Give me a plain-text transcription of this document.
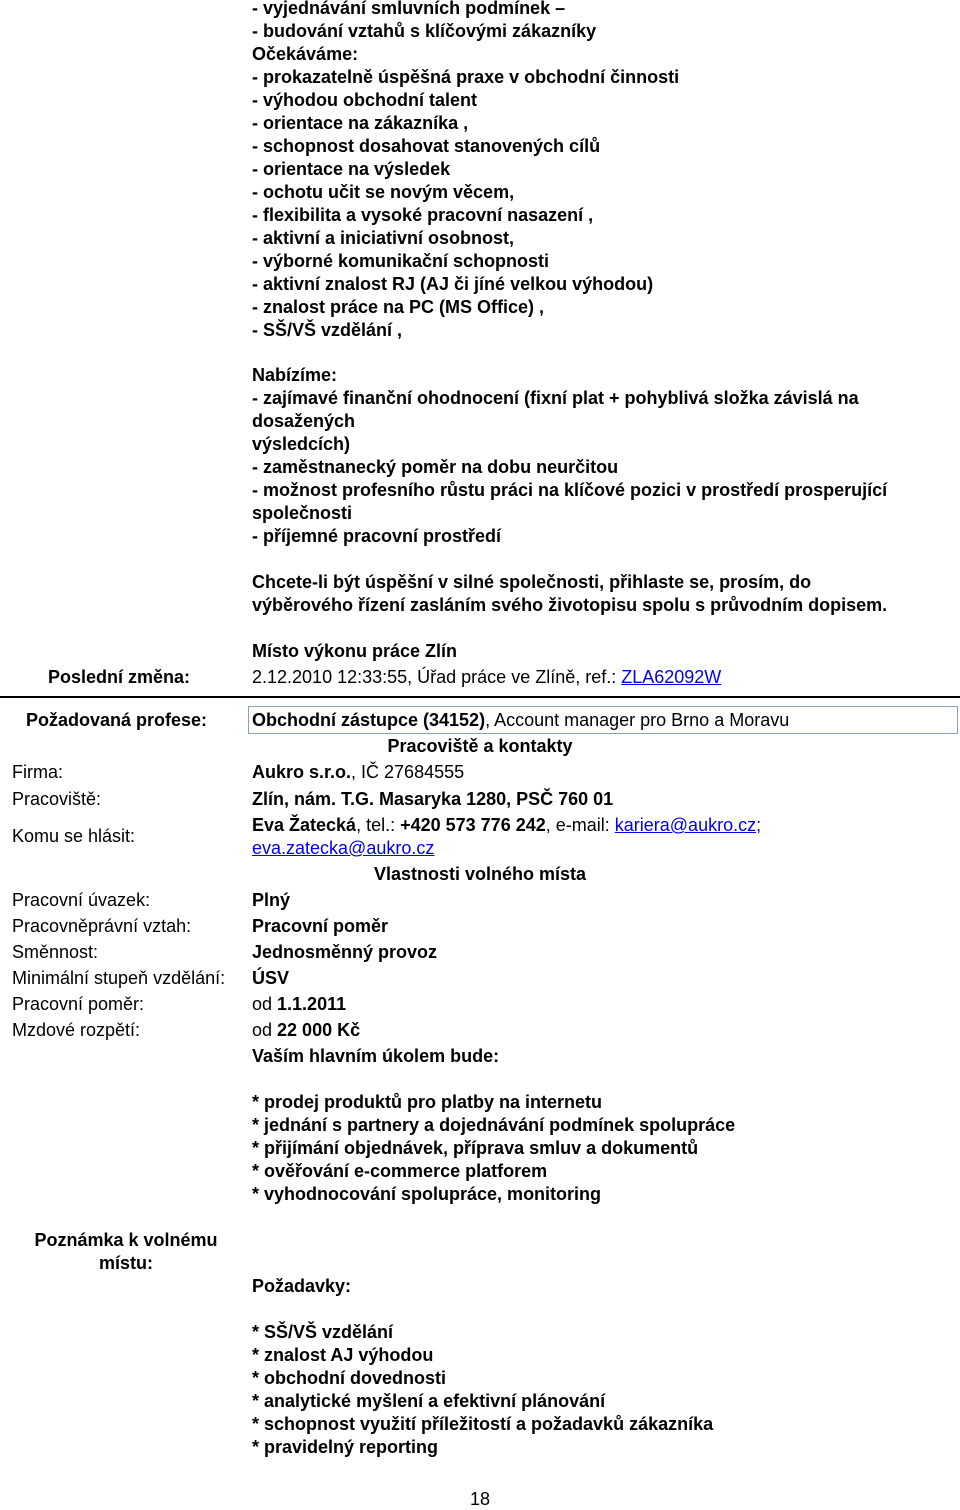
- vyjednávání smluvních podmínek –
- budování vztahů s klíčovými zákazníky
Očekáváme:
- prokazatelně úspěšná praxe v obchodní činnosti
- výhodou obchodní talent
- orientace na zákazníka ,
- schopnost dosahovat stanovených cílů
- orientace na výsledek
- ochotu učit se novým věcem,
- flexibilita a vysoké pracovní nasazení ,
- aktivní a iniciativní osobnost,
- výborné komunikační schopnosti
- aktivní znalost RJ (AJ či jíné velkou výhodou)
- znalost práce na PC (MS Office) ,
- SŠ/VŠ vzdělání ,
Nabízíme:
- zajímavé finanční ohodnocení (fixní plat + pohyblivá složka závislá na
dosažených
výsledcích)
- zaměstnanecký poměr na dobu neurčitou
- možnost profesního růstu práci na klíčové pozici v prostředí prosperující
společnosti
- příjemné pracovní prostředí
Chcete-li být úspěšní v silné společnosti, přihlaste se, prosím, do
výběrového řízení zasláním svého životopisu spolu s průvodním dopisem.
Místo výkonu práce Zlín
Poslední změna:	2.12.2010 12:33:55, Úřad práce ve Zlíně, ref.: ZLA62092W
Požadovaná profese: Obchodní zástupce (34152), Account manager pro Brno a Moravu
Pracoviště a kontakty
Firma:	Aukro s.r.o., IČ 27684555
Pracoviště:	Zlín, nám. T.G. Masaryka 1280, PSČ 760 01
Komu se hlásit:
Eva Žatecká, tel.: +420 573 776 242, e-mail: kariera@aukro.cz;
eva.zatecka@aukro.cz
Vlastnosti volného místa
Pracovní úvazek:	Plný
Pracovněprávní vztah:	Pracovní poměr
Směnnost:	Jednosměnný provoz
Minimální stupeň vzdělání: ÚSV
Pracovní poměr:	od 1.1.2011
Mzdové rozpětí:	od 22 000 Kč
Vaším hlavním úkolem bude:
* prodej produktů pro platby na internetu
* jednání s partnery a dojednávání podmínek spolupráce
* přijímání objednávek, příprava smluv a dokumentů
* ověřování e-commerce platforem
* vyhodnocování spolupráce, monitoring
Poznámka k volnému
místu:
Požadavky:
* SŠ/VŠ vzdělání
* znalost AJ výhodou
* obchodní dovednosti
* analytické myšlení a efektivní plánování
* schopnost využití příležitostí a požadavků zákazníka
* pravidelný reporting
18
